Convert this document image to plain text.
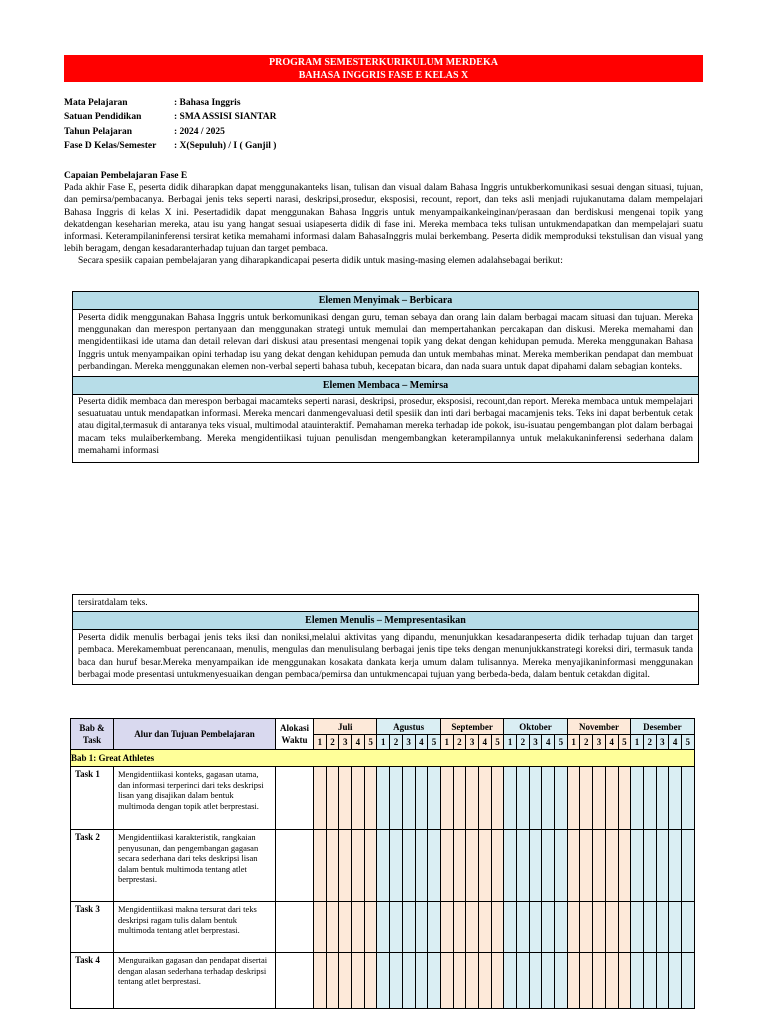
PROGRAM SEMESTERKURIKULUM MERDEKA
BAHASA INGGRIS FASE E KELAS X
Mata Pelajaran	: Bahasa Inggris
Satuan Pendidikan	: SMA ASSISI SIANTAR
Tahun Pelajaran	: 2024 / 2025
Fase D Kelas/Semester	: X(Sepuluh) / I ( Ganjil )
Capaian Pembelajaran Fase E
Pada akhir Fase E, peserta didik diharapkan dapat menggunakanteks lisan, tulisan dan visual dalam Bahasa Inggris untukberkomunikasi sesuai dengan situasi, tujuan, dan pemirsa/pembacanya. Berbagai jenis teks seperti narasi, deskripsi,prosedur, eksposisi, recount, report, dan teks asli menjadi rujukanutama dalam mempelajari Bahasa Inggris di kelas X ini. Pesertadidik dapat menggunakan Bahasa Inggris untuk menyampaikankeinginan/perasaan dan berdiskusi mengenai topik yang dekatdengan keseharian mereka, atau isu yang hangat sesuai usiapeserta didik di fase ini. Mereka membaca teks tulisan untukmendapatkan dan mempelajari suatu informasi. Keterampilaninferensi tersirat ketika memahami informasi dalam BahasaInggris mulai berkembang. Peserta didik memproduksi tekstulisan dan visual yang lebih beragam, dengan kesadaranterhadap tujuan dan target pembaca.
Secara spesiik capaian pembelajaran yang diharapkandicapai peserta didik untuk masing-masing elemen adalahsebagai berikut:
Elemen Menyimak – Berbicara
Peserta didik menggunakan Bahasa Inggris untuk berkomunikasi dengan guru, teman sebaya dan orang lain dalam berbagai macam situasi dan tujuan. Mereka menggunakan dan merespon pertanyaan dan menggunakan strategi untuk memulai dan mempertahankan percakapan dan diskusi. Mereka memahami dan mengidentiikasi ide utama dan detail relevan dari diskusi atau presentasi mengenai topik yang dekat dengan kehidupan pemuda. Mereka menggunakan Bahasa Inggris untuk menyampaikan opini terhadap isu yang dekat dengan kehidupan pemuda dan untuk membahas minat. Mereka memberikan pendapat dan membuat perbandingan. Mereka menggunakan elemen non-verbal seperti bahasa tubuh, kecepatan bicara, dan nada suara untuk dapat dipahami dalam sebagian konteks.
Elemen Membaca – Memirsa
Peserta didik membaca dan merespon berbagai macamteks seperti narasi, deskripsi, prosedur, eksposisi, recount,dan report. Mereka membaca untuk mempelajari sesuatuatau untuk mendapatkan informasi. Mereka mencari danmengevaluasi detil spesiik dan inti dari berbagai macamjenis teks. Teks ini dapat berbentuk cetak atau digital,termasuk di antaranya teks visual, multimodal atauinteraktif. Pemahaman mereka terhadap ide pokok, isu-isuatau pengembangan plot dalam berbagai macam teks mulaiberkembang. Mereka mengidentiikasi tujuan penulisdan mengembangkan keterampilannya untuk melakukaninferensi sederhana dalam memahami informasi
tersiratdalam teks.
Elemen Menulis – Mempresentasikan
Peserta didik menulis berbagai jenis teks iksi dan noniksi,melalui aktivitas yang dipandu, menunjukkan kesadaranpeserta didik terhadap tujuan dan target pembaca. Merekamembuat perencanaan, menulis, mengulas dan menulisulang berbagai jenis tipe teks dengan menunjukkanstrategi koreksi diri, termasuk tanda baca dan huruf besar.Mereka menyampaikan ide menggunakan kosakata dankata kerja umum dalam tulisannya. Mereka menyajikaninformasi menggunakan berbagai mode presentasi untukmenyesuaikan dengan pembaca/pemirsa dan untukmencapai tujuan yang berbeda-beda, dalam bentuk cetakdan digital.
Bab & Task	Alur dan Tujuan Pembelajaran	Alokasi Waktu	Juli					Agustus					September					Oktober					November					Desember				
			1	2	3	4	5	1	2	3	4	5	1	2	3	4	5	1	2	3	4	5	1	2	3	4	5	1	2	3	4	5
Bab 1: Great Athletes																																
Task 1	Mengidentiikasi konteks, gagasan utama, dan informasi terperinci dari teks deskripsi lisan yang disajikan dalam bentuk multimoda dengan topik atlet berprestasi.																															
Task 2	Mengidentiikasi karakteristik, rangkaian penyusunan, dan pengembangan gagasan secara sederhana dari teks deskripsi lisan dalam bentuk multimoda tentang atlet berprestasi.																															
Task 3	Mengidentiikasi makna tersurat dari teks deskripsi ragam tulis dalam bentuk multimoda tentang atlet berprestasi.																															
Task 4	Menguraikan gagasan dan pendapat disertai dengan alasan sederhana terhadap deskripsi tentang atlet berprestasi.																															
